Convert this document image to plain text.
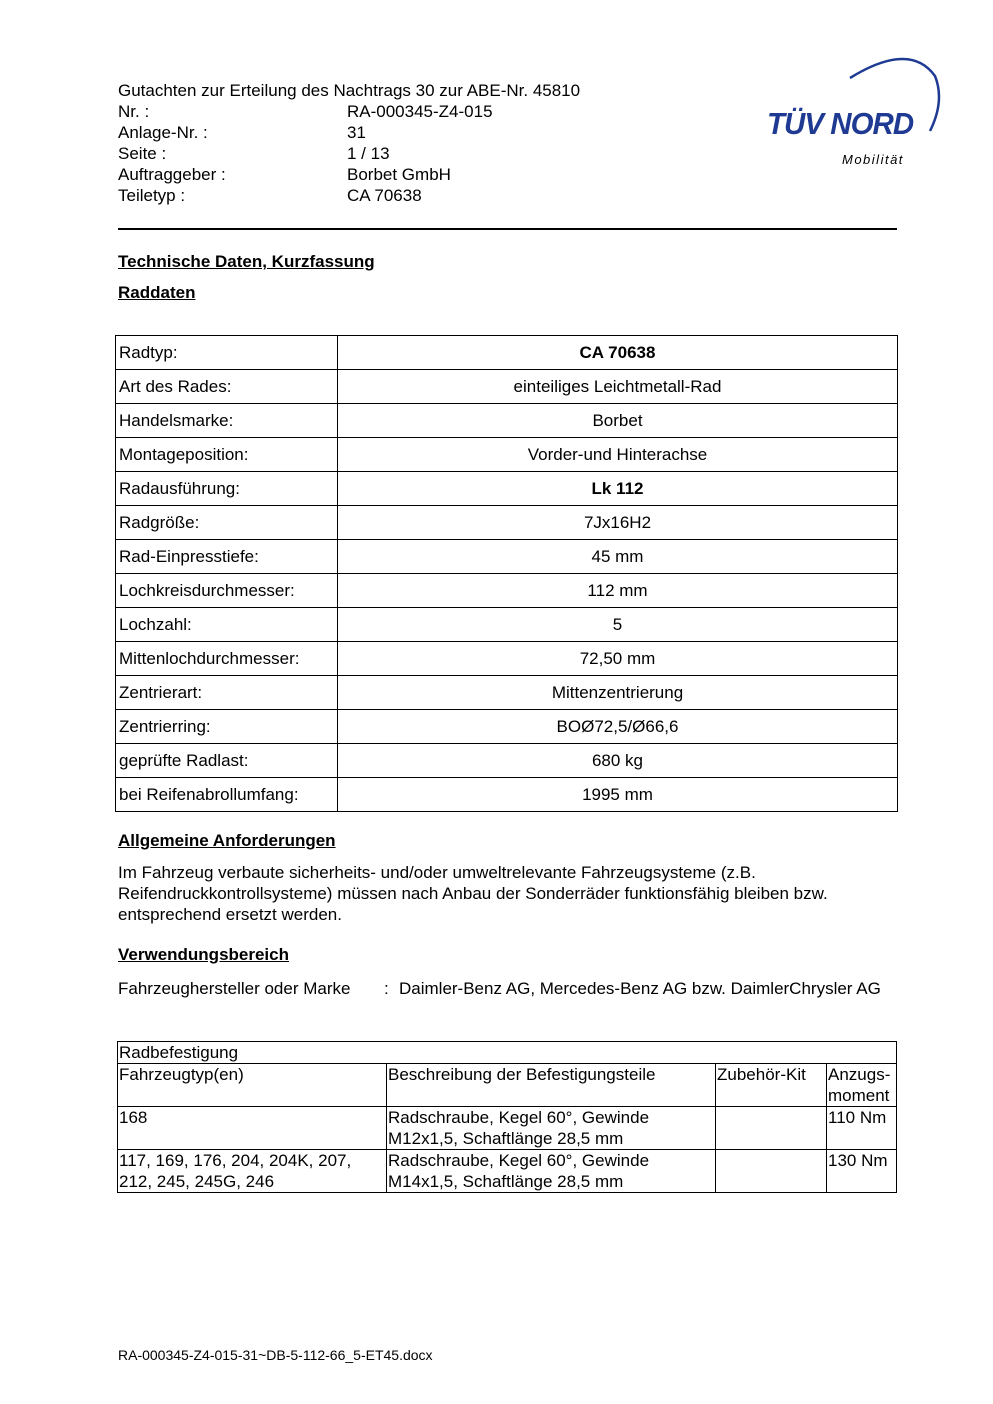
Gutachten zur Erteilung des Nachtrags 30 zur ABE-Nr. 45810
Nr. :	RA-000345-Z4-015
Anlage-Nr. :	31
Seite :	1 / 13
Auftraggeber :	Borbet GmbH
Teiletyp :	CA 70638
TÜV NORD
Mobilität
Technische Daten, Kurzfassung
Raddaten
Radtyp:	CA 70638
Art des Rades:	einteiliges Leichtmetall-Rad
Handelsmarke:	Borbet
Montageposition:	Vorder-und Hinterachse
Radausführung:	Lk 112
Radgröße:	7Jx16H2
Rad-Einpresstiefe:	45 mm
Lochkreisdurchmesser:	112 mm
Lochzahl:	5
Mittenlochdurchmesser:	72,50 mm
Zentrierart:	Mittenzentrierung
Zentrierring:	BOØ72,5/Ø66,6
geprüfte Radlast:	680 kg
bei Reifenabrollumfang:	1995 mm
Allgemeine Anforderungen
Im Fahrzeug verbaute sicherheits- und/oder umweltrelevante Fahrzeugsysteme (z.B. Reifendruckkontrollsysteme) müssen nach Anbau der Sonderräder funktionsfähig bleiben bzw. entsprechend ersetzt werden.
Verwendungsbereich
Fahrzeughersteller oder Marke : Daimler-Benz AG, Mercedes-Benz AG bzw. DaimlerChrysler AG
Radbefestigung			
Fahrzeugtyp(en)	Beschreibung der Befestigungsteile	Zubehör-Kit	Anzugs-moment
168	Radschraube, Kegel 60°, Gewinde M12x1,5, Schaftlänge 28,5 mm		110 Nm
117, 169, 176, 204, 204K, 207, 212, 245, 245G, 246	Radschraube, Kegel 60°, Gewinde M14x1,5, Schaftlänge 28,5 mm		130 Nm
RA-000345-Z4-015-31~DB-5-112-66_5-ET45.docx
